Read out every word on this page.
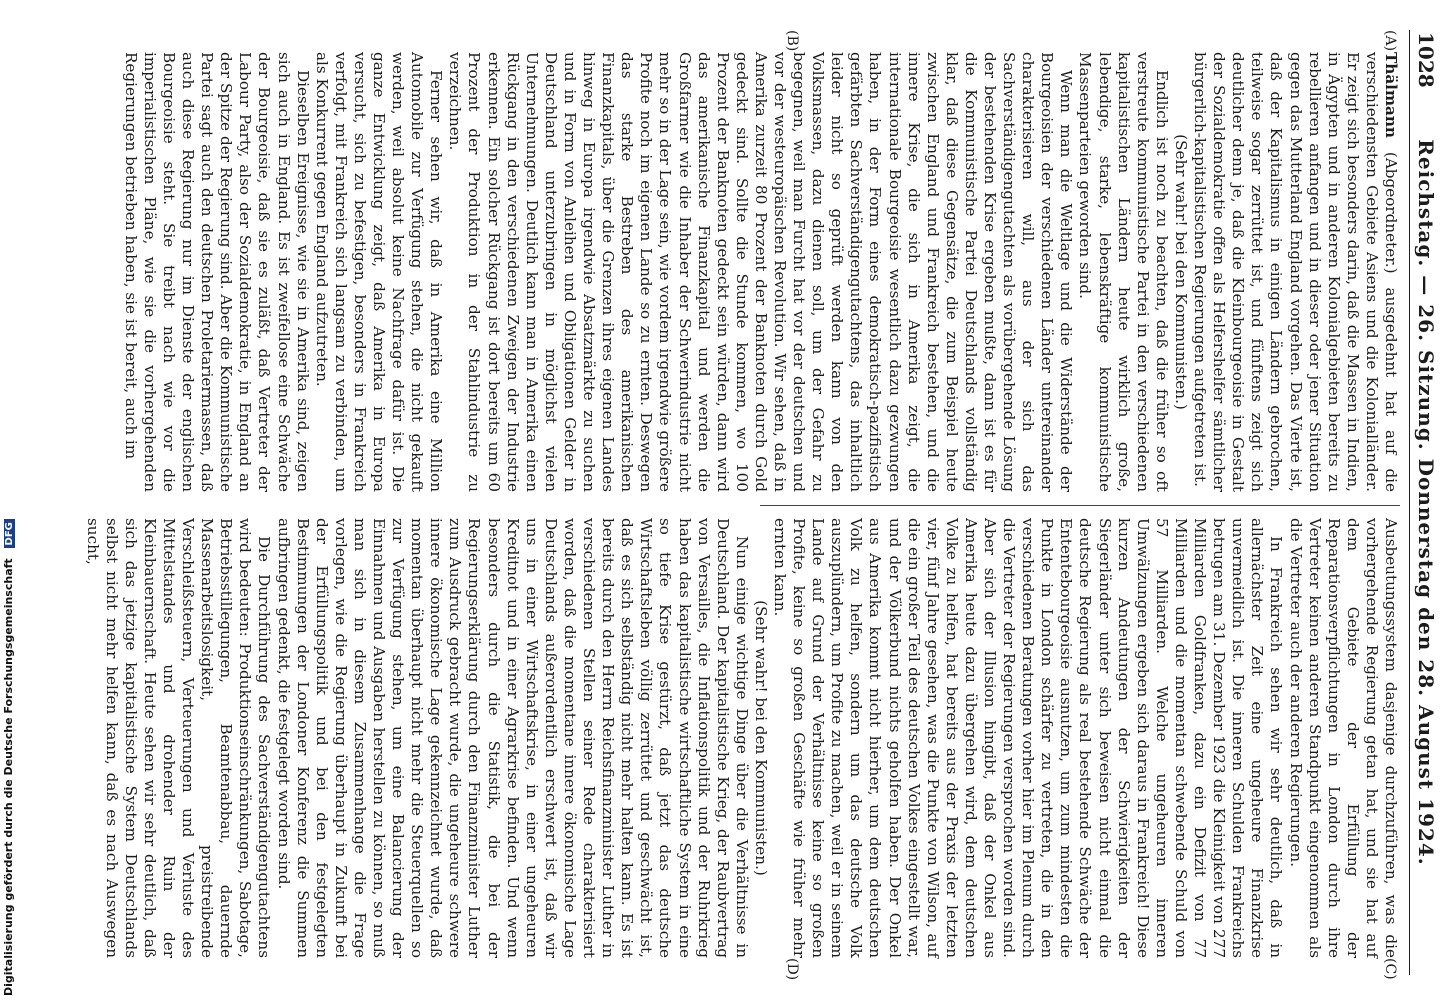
1028
Reichstag. — 26. Sitzung. Donnerstag den 28. August 1924.
(A)
(B)
(C)
(D)

Thälmann (Abgeordneter.) ausgedehnt hat auf die verschiedensten Gebiete Asiens und die Kolonialländer. Er zeigt sich besonders darin, daß die Massen in Indien, in Ägypten und in anderen Kolonialgebieten bereits zu rebellieren anfangen und in dieser oder jener Situation gegen das Mutterland England vorgehen. Das Vierte ist, daß der Kapitalismus in einigen Ländern gebrochen, teilweise sogar zerrüttet ist, und fünftens zeigt sich deutlicher denn je, daß die Kleinbourgeoisie in Gestalt der Sozialdemokratie offen als Helfershelfer sämtlicher bürgerlich-kapitalistischen Regierungen aufgetreten ist.

(Sehr wahr! bei den Kommunisten.)

Endlich ist noch zu beachten, daß die früher so oft verstreute kommunistische Partei in den verschiedenen kapitalistischen Ländern heute wirklich große, lebendige, starke, lebenskräftige kommunistische Massenparteien geworden sind.

Wenn man die Weltlage und die Widerstände der Bourgeoisien der verschiedenen Länder untereinander charakterisieren will, aus der sich das Sachverständigengutachten als vorübergehende Lösung der bestehenden Krise ergeben mußte, dann ist es für die Kommunistische Partei Deutschlands vollständig klar, daß diese Gegensätze, die zum Beispiel heute zwischen England und Frankreich bestehen, und die innere Krise, die sich in Amerika zeigt, die internationale Bourgeoisie wesentlich dazu gezwungen haben, in der Form eines demokratisch-pazifistisch gefärbten Sachverständigengutachtens, das inhaltlich leider nicht so geprüft werden kann von den Volksmassen, dazu dienen soll, um der Gefahr zu begegnen, weil man Furcht hat vor der deutschen und vor der westeuropäischen Revolution. Wir sehen, daß in Amerika zurzeit 80 Prozent der Banknoten durch Gold gedeckt sind. Sollte die Stunde kommen, wo 100 Prozent der Banknoten gedeckt sein würden, dann wird das amerikanische Finanzkapital und werden die Großfarmer wie die Inhaber der Schwerindustrie nicht mehr so in der Lage sein, wie vordem irgendwie größere Profite noch im eigenen Lande so zu ernten. Deswegen das starke Bestreben des amerikanischen Finanzkapitals, über die Grenzen ihres eigenen Landes hinweg in Europa irgendwie Absatzmärkte zu suchen und in Form von Anleihen und Obligationen Gelder in Deutschland unterzubringen in möglichst vielen Unternehmungen. Deutlich kann man in Amerika einen Rückgang in den verschiedenen Zweigen der Industrie erkennen. Ein solcher Rückgang ist dort bereits um 60 Prozent der Produktion in der Stahlindustrie zu verzeichnen.

Ferner sehen wir, daß in Amerika eine Million Automobile zur Verfügung stehen, die nicht gekauft werden, weil absolut keine Nachfrage dafür ist. Die ganze Entwicklung zeigt, daß Amerika in Europa versucht, sich zu befestigen, besonders in Frankreich verfolgt, mit Frankreich sich langsam zu verbinden, um als Konkurrent gegen England aufzutreten.

Dieselben Ereignisse, wie sie in Amerika sind, zeigen sich auch in England. Es ist zweifellose eine Schwäche der Bourgeoisie, daß sie es zuläßt, daß Vertreter der Labour Party, also der Sozialdemokratie, in England an der Spitze der Regierung sind. Aber die Kommunistische Partei sagt auch den deutschen Proletariermassen, daß auch diese Regierung nur im Dienste der englischen Bourgeoisie steht. Sie treibt nach wie vor die imperialistischen Pläne, wie sie die vorhergehenden Regierungen betrieben haben, sie ist bereit, auch im

Ausbeutungssystem dasjenige durchzuführen, was die vorhergehende Regierung getan hat, und sie hat auf dem Gebiete der Erfüllung der Reparationsverpflichtungen in London durch ihre Vertreter keinen anderen Standpunkt eingenommen als die Vertreter auch der anderen Regierungen.

In Frankreich sehen wir sehr deutlich, daß in allernächster Zeit eine ungeheure Finanzkrise unvermeidlich ist. Die inneren Schulden Frankreichs betrugen am 31. Dezember 1923 die Kleinigkeit von 277 Milliarden Goldfranken, dazu ein Defizit von 77 Milliarden und die momentan schwebende Schuld von 57 Milliarden. Welche ungeheuren inneren Umwälzungen ergeben sich daraus in Frankreich! Diese kurzen Andeutungen der Schwierigkeiten der Siegerländer unter sich beweisen nicht einmal die deutsche Regierung als real bestehende Schwäche der Ententebourgeoisie ausnutzen, um zum mindesten die Punkte in London schärfer zu vertreten, die in den verschiedenen Beratungen vorher hier im Plenum durch die Vertreter der Regierungen versprochen worden sind. Aber sich der Illusion hingibt, daß der Onkel aus Amerika heute dazu übergehen wird, dem deutschen Volke zu helfen, hat bereits aus der Praxis der letzten vier, fünf Jahre gesehen, was die Punkte von Wilson, auf die ein großer Teil des deutschen Volkes eingestellt war, und der Völkerbund nichts geholfen haben. Der Onkel aus Amerika kommt nicht hierher, um dem deutschen Volk zu helfen, sondern um das deutsche Volk auszuplündern, um Profite zu machen, weil er in seinem Lande auf Grund der Verhältnisse keine so großen Profite, keine so großen Geschäfte wie früher mehr ernten kann.

(Sehr wahr! bei den Kommunisten.)

Nun einige wichtige Dinge über die Verhältnisse in Deutschland. Der kapitalistische Krieg, der Raubvertrag von Versailles, die Inflationspolitik und der Ruhrkrieg haben das kapitalistische wirtschaftliche System in eine so tiefe Krise gestürzt, daß jetzt das deutsche Wirtschaftsleben völlig zerrüttet und geschwächt ist, daß es sich selbständig nicht mehr halten kann. Es ist bereits durch den Herrn Reichsfinanzminister Luther in verschiedenen Stellen seiner Rede charakterisiert worden, daß die momentane innere ökonomische Lage Deutschlands außerordentlich erschwert ist, daß wir uns in einer Wirtschaftskrise, in einer ungeheuren Kreditnot und in einer Agrarkrise befinden. Und wenn besonders durch die Statistik, die bei der Regierungserklärung durch den Finanzminister Luther zum Ausdruck gebracht wurde, die ungeheure schwere innere ökonomische Lage gekennzeichnet wurde, daß momentan überhaupt nicht mehr die Steuerquellen so zur Verfügung stehen, um eine Balancierung der Einnahmen und Ausgaben herstellen zu können, so muß man sich in diesem Zusammenhange die Frage vorlegen, wie die Regierung überhaupt in Zukunft bei der Erfüllungspolitik und bei den festgelegten Bestimmungen der Londoner Konferenz die Summen aufbringen gedenkt, die festgelegt worden sind.

Die Durchführung des Sachverständigengutachtens wird bedeuten: Produktionseinschränkungen, Sabotage, Betriebsstillegungen, Beamtenabbau, dauernde Massenarbeitslosigkeit, preistreibende Verschleißsteuern, Verteuerungen und Verluste des Mittelstandes und drohender Ruin der Kleinbauernschaft. Heute sehen wir sehr deutlich, daß sich das jetzige kapitalistische System Deutschlands selbst nicht mehr helfen kann, daß es nach Auswegen sucht,

Digitalisierung gefördert durch die Deutsche Forschungsgemeinschaft DFG
